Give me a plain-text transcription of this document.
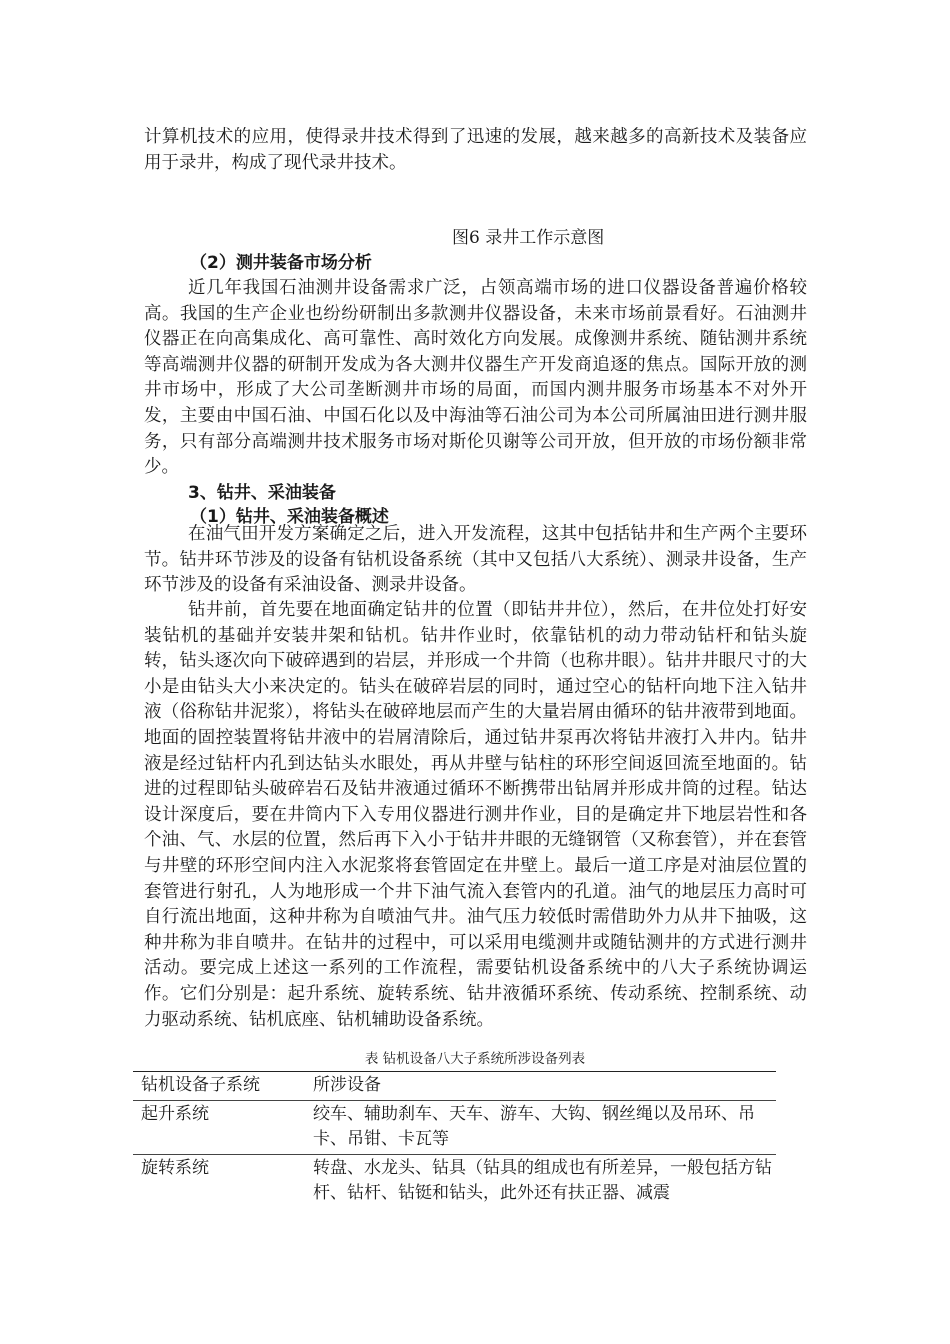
计算机技术的应用，使得录井技术得到了迅速的发展，越来越多的高新技术及装备应用于录井，构成了现代录井技术。

图6 录井工作示意图

（2）测井装备市场分析

近几年我国石油测井设备需求广泛，占领高端市场的进口仪器设备普遍价格较高。我国的生产企业也纷纷研制出多款测井仪器设备，未来市场前景看好。石油测井仪器正在向高集成化、高可靠性、高时效化方向发展。成像测井系统、随钻测井系统等高端测井仪器的研制开发成为各大测井仪器生产开发商追逐的焦点。国际开放的测井市场中，形成了大公司垄断测井市场的局面，而国内测井服务市场基本不对外开发，主要由中国石油、中国石化以及中海油等石油公司为本公司所属油田进行测井服务，只有部分高端测井技术服务市场对斯伦贝谢等公司开放，但开放的市场份额非常少。

3、钻井、采油装备
（1）钻井、采油装备概述

在油气田开发方案确定之后，进入开发流程，这其中包括钻井和生产两个主要环节。钻井环节涉及的设备有钻机设备系统（其中又包括八大系统）、测录井设备，生产环节涉及的设备有采油设备、测录井设备。

钻井前，首先要在地面确定钻井的位置（即钻井井位），然后，在井位处打好安装钻机的基础并安装井架和钻机。钻井作业时，依靠钻机的动力带动钻杆和钻头旋转，钻头逐次向下破碎遇到的岩层，并形成一个井筒（也称井眼）。钻井井眼尺寸的大小是由钻头大小来决定的。钻头在破碎岩层的同时，通过空心的钻杆向地下注入钻井液（俗称钻井泥浆），将钻头在破碎地层而产生的大量岩屑由循环的钻井液带到地面。地面的固控装置将钻井液中的岩屑清除后，通过钻井泵再次将钻井液打入井内。钻井液是经过钻杆内孔到达钻头水眼处，再从井壁与钻柱的环形空间返回流至地面的。钻进的过程即钻头破碎岩石及钻井液通过循环不断携带出钻屑并形成井筒的过程。钻达设计深度后，要在井筒内下入专用仪器进行测井作业，目的是确定井下地层岩性和各个油、气、水层的位置，然后再下入小于钻井井眼的无缝钢管（又称套管），并在套管与井壁的环形空间内注入水泥浆将套管固定在井壁上。最后一道工序是对油层位置的套管进行射孔，人为地形成一个井下油气流入套管内的孔道。油气的地层压力高时可自行流出地面，这种井称为自喷油气井。油气压力较低时需借助外力从井下抽吸，这种井称为非自喷井。在钻井的过程中，可以采用电缆测井或随钻测井的方式进行测井活动。要完成上述这一系列的工作流程，需要钻机设备系统中的八大子系统协调运作。它们分别是：起升系统、旋转系统、钻井液循环系统、传动系统、控制系统、动力驱动系统、钻机底座、钻机辅助设备系统。

表 钻机设备八大子系统所涉设备列表

钻机设备子系统	所涉设备
起升系统	绞车、辅助刹车、天车、游车、大钩、钢丝绳以及吊环、吊卡、吊钳、卡瓦等
旋转系统	转盘、水龙头、钻具（钻具的组成也有所差异，一般包括方钻杆、钻杆、钻铤和钻头，此外还有扶正器、减震
